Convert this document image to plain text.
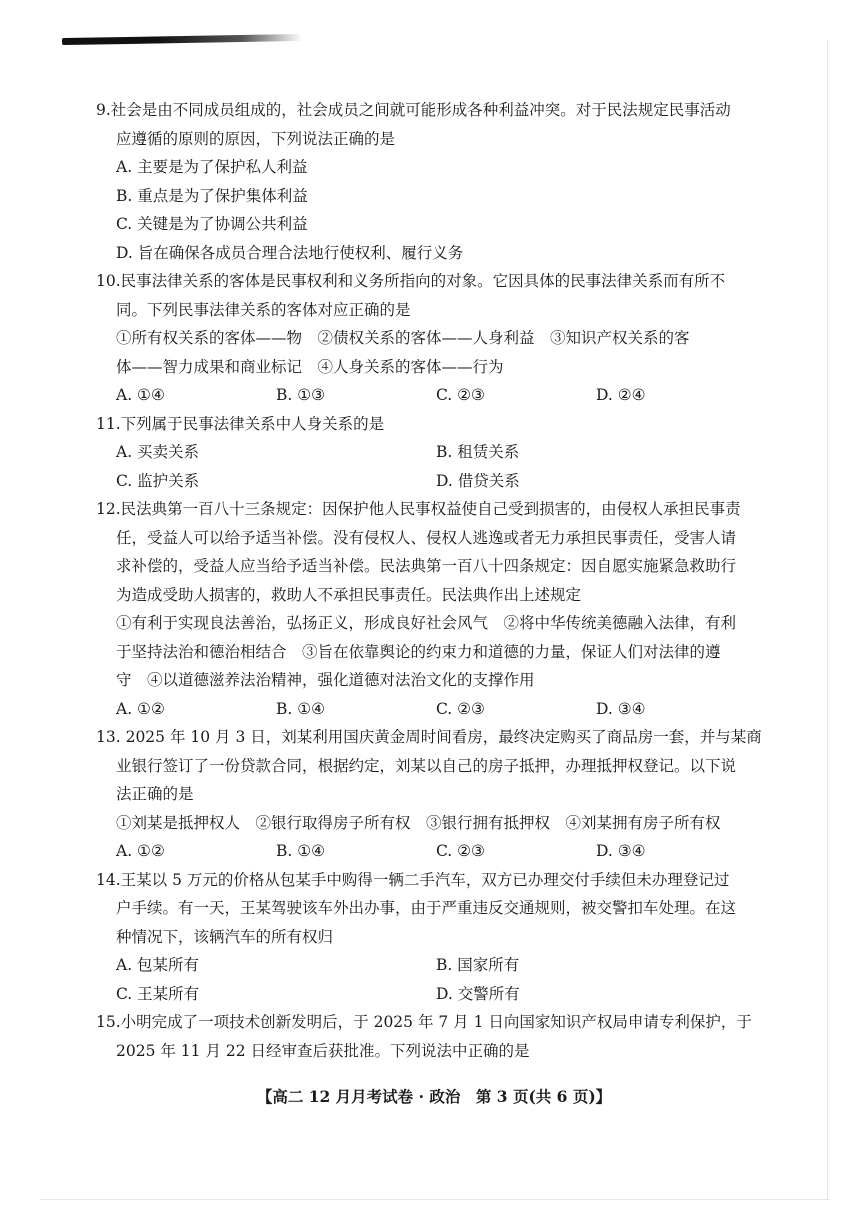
9.社会是由不同成员组成的，社会成员之间就可能形成各种利益冲突。对于民法规定民事活动
应遵循的原则的原因，下列说法正确的是
A. 主要是为了保护私人利益
B. 重点是为了保护集体利益
C. 关键是为了协调公共利益
D. 旨在确保各成员合理合法地行使权利、履行义务
10.民事法律关系的客体是民事权利和义务所指向的对象。它因具体的民事法律关系而有所不
同。下列民事法律关系的客体对应正确的是
①所有权关系的客体——物　②债权关系的客体——人身利益　③知识产权关系的客
体——智力成果和商业标记　④人身关系的客体——行为
A. ①④	B. ①③	C. ②③	D. ②④
11.下列属于民事法律关系中人身关系的是
A. 买卖关系	B. 租赁关系
C. 监护关系	D. 借贷关系
12.民法典第一百八十三条规定：因保护他人民事权益使自己受到损害的，由侵权人承担民事责
任，受益人可以给予适当补偿。没有侵权人、侵权人逃逸或者无力承担民事责任，受害人请
求补偿的，受益人应当给予适当补偿。民法典第一百八十四条规定：因自愿实施紧急救助行
为造成受助人损害的，救助人不承担民事责任。民法典作出上述规定
①有利于实现良法善治，弘扬正义，形成良好社会风气　②将中华传统美德融入法律，有利
于坚持法治和德治相结合　③旨在依靠舆论的约束力和道德的力量，保证人们对法律的遵
守　④以道德滋养法治精神，强化道德对法治文化的支撑作用
A. ①②	B. ①④	C. ②③	D. ③④
13. 2025 年 10 月 3 日，刘某利用国庆黄金周时间看房，最终决定购买了商品房一套，并与某商
业银行签订了一份贷款合同，根据约定，刘某以自己的房子抵押，办理抵押权登记。以下说
法正确的是
①刘某是抵押权人　②银行取得房子所有权　③银行拥有抵押权　④刘某拥有房子所有权
A. ①②	B. ①④	C. ②③	D. ③④
14.王某以 5 万元的价格从包某手中购得一辆二手汽车，双方已办理交付手续但未办理登记过
户手续。有一天，王某驾驶该车外出办事，由于严重违反交通规则，被交警扣车处理。在这
种情况下，该辆汽车的所有权归
A. 包某所有	B. 国家所有
C. 王某所有	D. 交警所有
15.小明完成了一项技术创新发明后，于 2025 年 7 月 1 日向国家知识产权局申请专利保护，于
2025 年 11 月 22 日经审查后获批准。下列说法中正确的是
【高二 12 月月考试卷 · 政治　第 3 页(共 6 页)】
